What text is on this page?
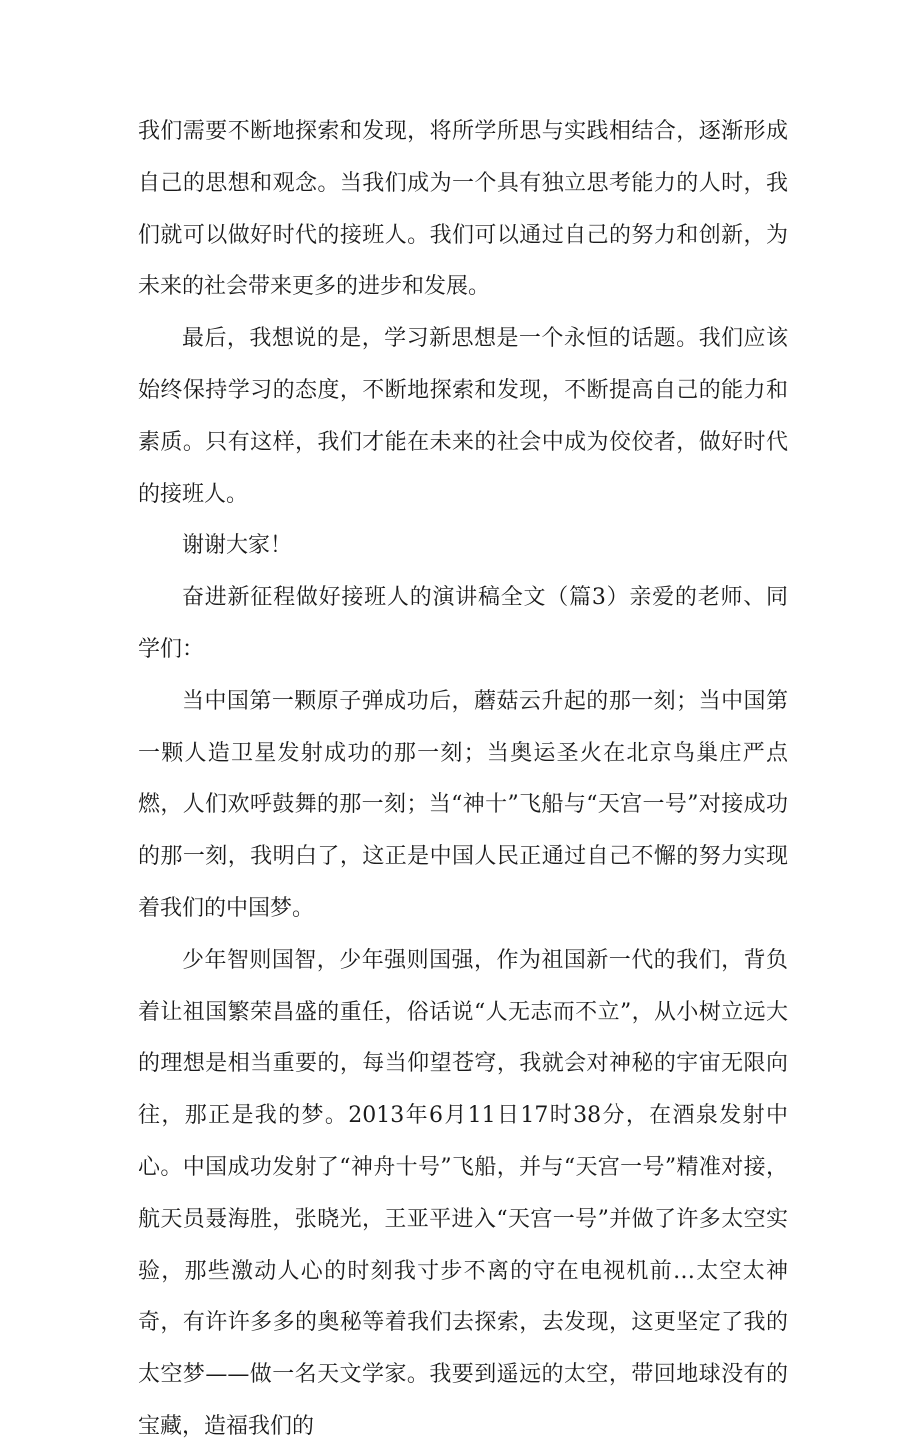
我们需要不断地探索和发现，将所学所思与实践相结合，逐渐形成自己的思想和观念。当我们成为一个具有独立思考能力的人时，我们就可以做好时代的接班人。我们可以通过自己的努力和创新，为未来的社会带来更多的进步和发展。

最后，我想说的是，学习新思想是一个永恒的话题。我们应该始终保持学习的态度，不断地探索和发现，不断提高自己的能力和素质。只有这样，我们才能在未来的社会中成为佼佼者，做好时代的接班人。

谢谢大家！

奋进新征程做好接班人的演讲稿全文（篇3）亲爱的老师、同学们：

当中国第一颗原子弹成功后，蘑菇云升起的那一刻；当中国第一颗人造卫星发射成功的那一刻；当奥运圣火在北京鸟巢庄严点燃，人们欢呼鼓舞的那一刻；当“神十”飞船与“天宫一号”对接成功的那一刻，我明白了，这正是中国人民正通过自己不懈的努力实现着我们的中国梦。

少年智则国智，少年强则国强，作为祖国新一代的我们，背负着让祖国繁荣昌盛的重任，俗话说“人无志而不立”，从小树立远大的理想是相当重要的，每当仰望苍穹，我就会对神秘的宇宙无限向往，那正是我的梦。2013年6月11日17时38分，在酒泉发射中心。中国成功发射了“神舟十号”飞船，并与“天宫一号”精准对接，航天员聂海胜，张晓光，王亚平进入“天宫一号”并做了许多太空实验，那些激动人心的时刻我寸步不离的守在电视机前…太空太神奇，有许许多多的奥秘等着我们去探索，去发现，这更坚定了我的太空梦——做一名天文学家。我要到遥远的太空，带回地球没有的宝藏，造福我们的
